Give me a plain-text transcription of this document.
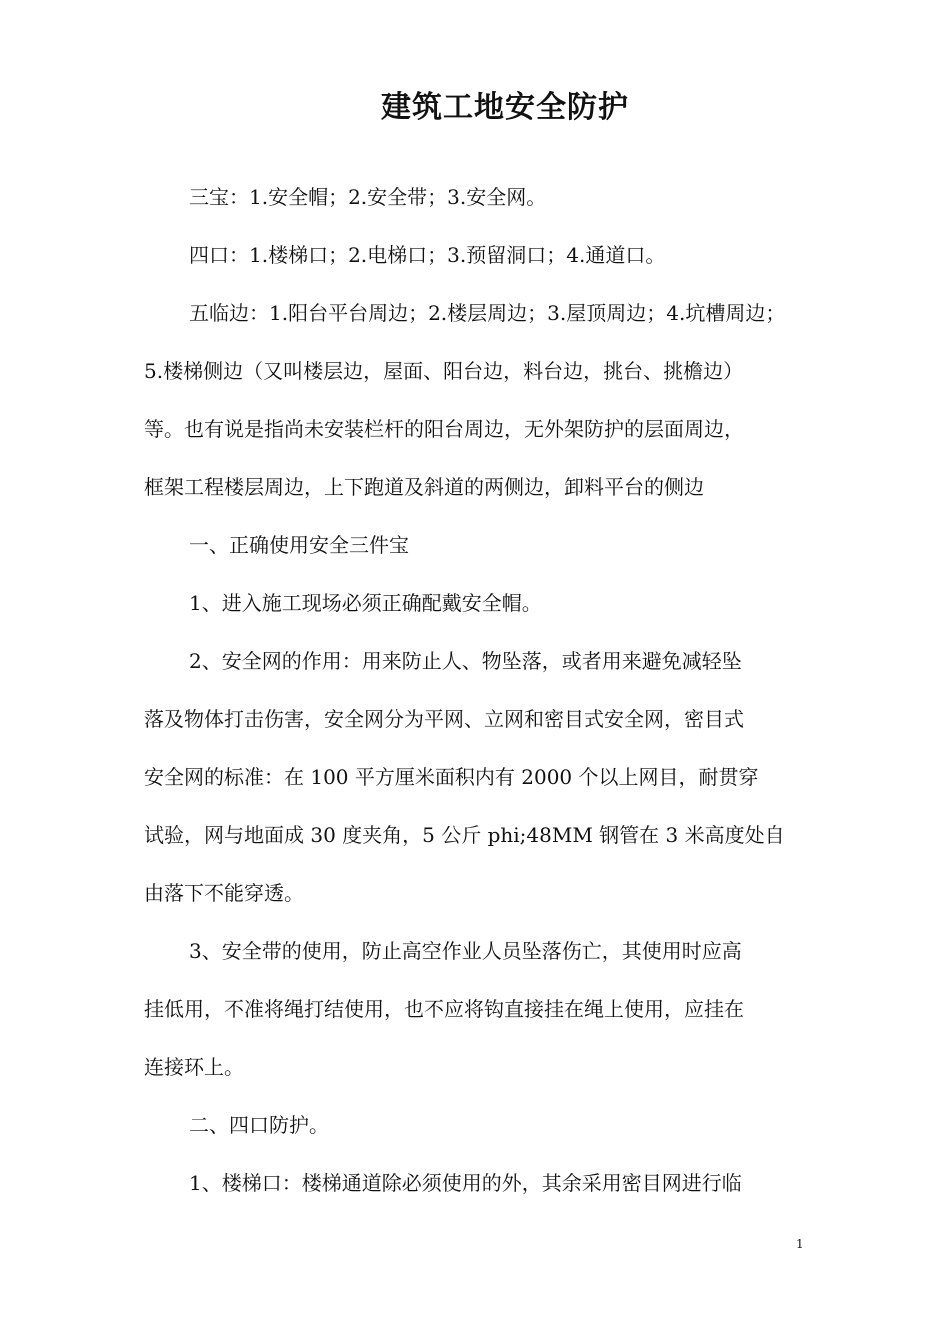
建筑工地安全防护
三宝：1.安全帽；2.安全带；3.安全网。
四口：1.楼梯口；2.电梯口；3.预留洞口；4.通道口。
五临边：1.阳台平台周边；2.楼层周边；3.屋顶周边；4.坑槽周边；
5.楼梯侧边（又叫楼层边，屋面、阳台边，料台边，挑台、挑檐边）
等。也有说是指尚未安装栏杆的阳台周边，无外架防护的层面周边，
框架工程楼层周边，上下跑道及斜道的两侧边，卸料平台的侧边
一、正确使用安全三件宝
1、进入施工现场必须正确配戴安全帽。
2、安全网的作用：用来防止人、物坠落，或者用来避免减轻坠
落及物体打击伤害，安全网分为平网、立网和密目式安全网，密目式
安全网的标准：在 100 平方厘米面积内有 2000 个以上网目，耐贯穿
试验，网与地面成 30 度夹角，5 公斤 phi;48MM 钢管在 3 米高度处自
由落下不能穿透。
3、安全带的使用，防止高空作业人员坠落伤亡，其使用时应高
挂低用，不准将绳打结使用，也不应将钩直接挂在绳上使用，应挂在
连接环上。
二、四口防护。
1、楼梯口：楼梯通道除必须使用的外，其余采用密目网进行临
1
